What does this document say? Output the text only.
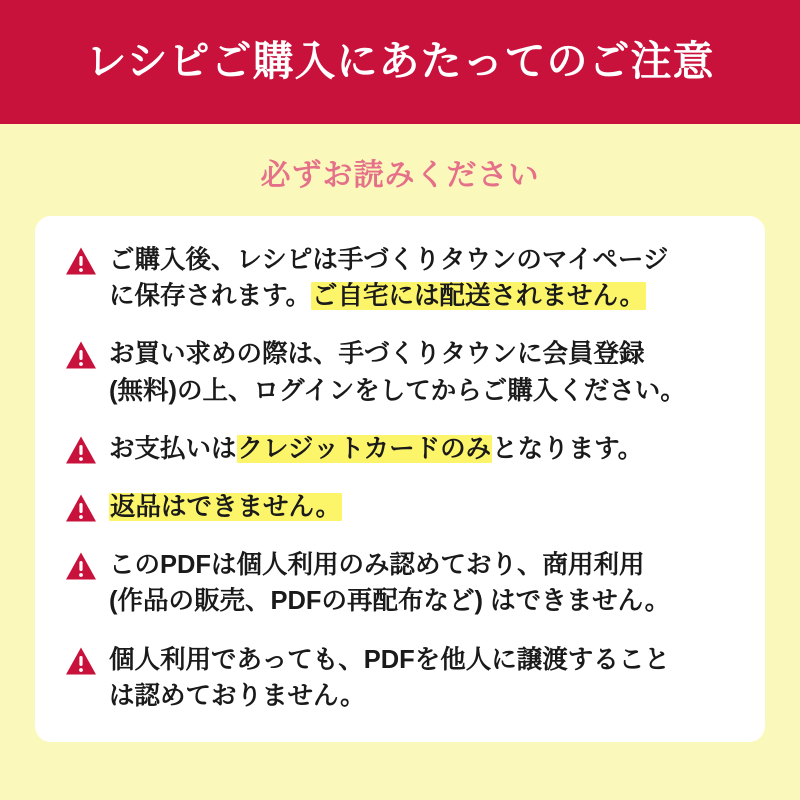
レシピご購入にあたってのご注意
必ずお読みください
ご購入後、レシピは手づくりタウンのマイページ
に保存されます。ご自宅には配送されません。
お買い求めの際は、手づくりタウンに会員登録
(無料)の上、ログインをしてからご購入ください。
お支払いはクレジットカードのみとなります。
返品はできません。
このPDFは個人利用のみ認めており、商用利用
(作品の販売、PDFの再配布など) はできません。
個人利用であっても、PDFを他人に譲渡すること
は認めておりません。
